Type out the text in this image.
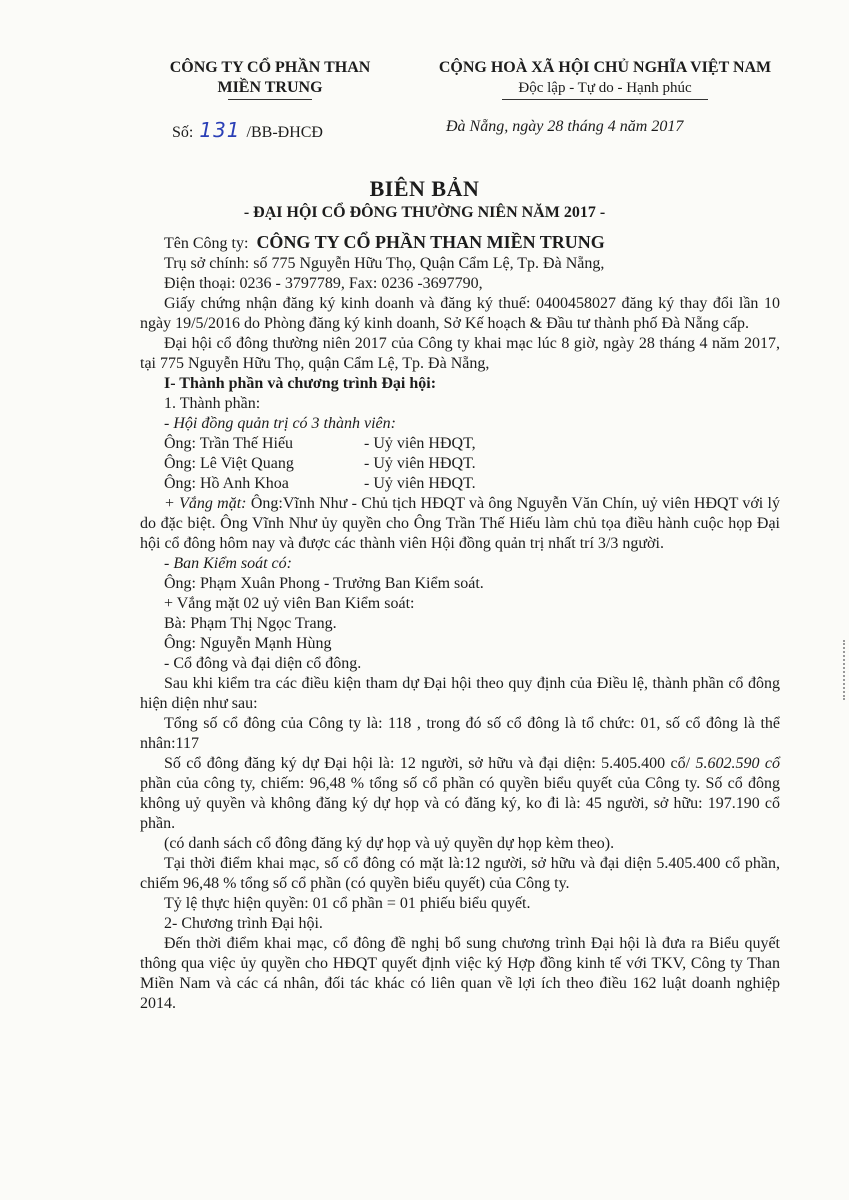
CÔNG TY CỔ PHẦN THAN
MIỀN TRUNG
CỘNG HOÀ XÃ HỘI CHỦ NGHĨA VIỆT NAM
Độc lập - Tự do - Hạnh phúc
Số: 131 /BB-ĐHCĐ	Đà Nẵng, ngày 28 tháng 4 năm 2017
BIÊN BẢN
- ĐẠI HỘI CỔ ĐÔNG THƯỜNG NIÊN NĂM 2017 -

Tên Công ty: CÔNG TY CỔ PHẦN THAN MIỀN TRUNG

Trụ sở chính: số 775 Nguyễn Hữu Thọ, Quận Cẩm Lệ, Tp. Đà Nẵng,

Điện thoại: 0236 - 3797789, Fax: 0236 -3697790,

Giấy chứng nhận đăng ký kinh doanh và đăng ký thuế: 0400458027 đăng ký thay đổi lần 10 ngày 19/5/2016 do Phòng đăng ký kinh doanh, Sở Kế hoạch & Đầu tư thành phố Đà Nẵng cấp.

Đại hội cổ đông thường niên 2017 của Công ty khai mạc lúc 8 giờ, ngày 28 tháng 4 năm 2017, tại 775 Nguyễn Hữu Thọ, quận Cẩm Lệ, Tp. Đà Nẵng,

I- Thành phần và chương trình Đại hội:

1. Thành phần:

- Hội đồng quản trị có 3 thành viên:

Ông: Trần Thế Hiếu	- Uỷ viên HĐQT,
Ông: Lê Việt Quang	- Uỷ viên HĐQT.
Ông: Hồ Anh Khoa	- Uỷ viên HĐQT.

+ Vắng mặt: Ông:Vĩnh Như - Chủ tịch HĐQT và ông Nguyễn Văn Chín, uỷ viên HĐQT với lý do đặc biệt. Ông Vĩnh Như ủy quyền cho Ông Trần Thế Hiếu làm chủ tọa điều hành cuộc họp Đại hội cổ đông hôm nay và được các thành viên Hội đồng quản trị nhất trí 3/3 người.

- Ban Kiểm soát có:

Ông: Phạm Xuân Phong - Trưởng Ban Kiểm soát.

+ Vắng mặt 02 uỷ viên Ban Kiểm soát:

Bà: Phạm Thị Ngọc Trang.

Ông: Nguyễn Mạnh Hùng

- Cổ đông và đại diện cổ đông.

Sau khi kiểm tra các điều kiện tham dự Đại hội theo quy định của Điều lệ, thành phần cổ đông hiện diện như sau:

Tổng số cổ đông của Công ty là: 118 , trong đó số cổ đông là tổ chức: 01, số cổ đông là thể nhân:117

Số cổ đông đăng ký dự Đại hội là: 12 người, sở hữu và đại diện: 5.405.400 cổ/ 5.602.590 cổ phần của công ty, chiếm: 96,48 % tổng số cổ phần có quyền biểu quyết của Công ty. Số cổ đông không uỷ quyền và không đăng ký dự họp và có đăng ký, ko đi là: 45 người, sở hữu: 197.190 cổ phần.

(có danh sách cổ đông đăng ký dự họp và uỷ quyền dự họp kèm theo).

Tại thời điểm khai mạc, số cổ đông có mặt là:12 người, sở hữu và đại diện 5.405.400 cổ phần, chiếm 96,48 % tổng số cổ phần (có quyền biểu quyết) của Công ty.

Tỷ lệ thực hiện quyền: 01 cổ phần = 01 phiếu biểu quyết.

2- Chương trình Đại hội.

Đến thời điểm khai mạc, cổ đông đề nghị bổ sung chương trình Đại hội là đưa ra Biểu quyết thông qua việc ủy quyền cho HĐQT quyết định việc ký Hợp đồng kinh tế với TKV, Công ty Than Miền Nam và các cá nhân, đối tác khác có liên quan về lợi ích theo điều 162 luật doanh nghiệp 2014.
